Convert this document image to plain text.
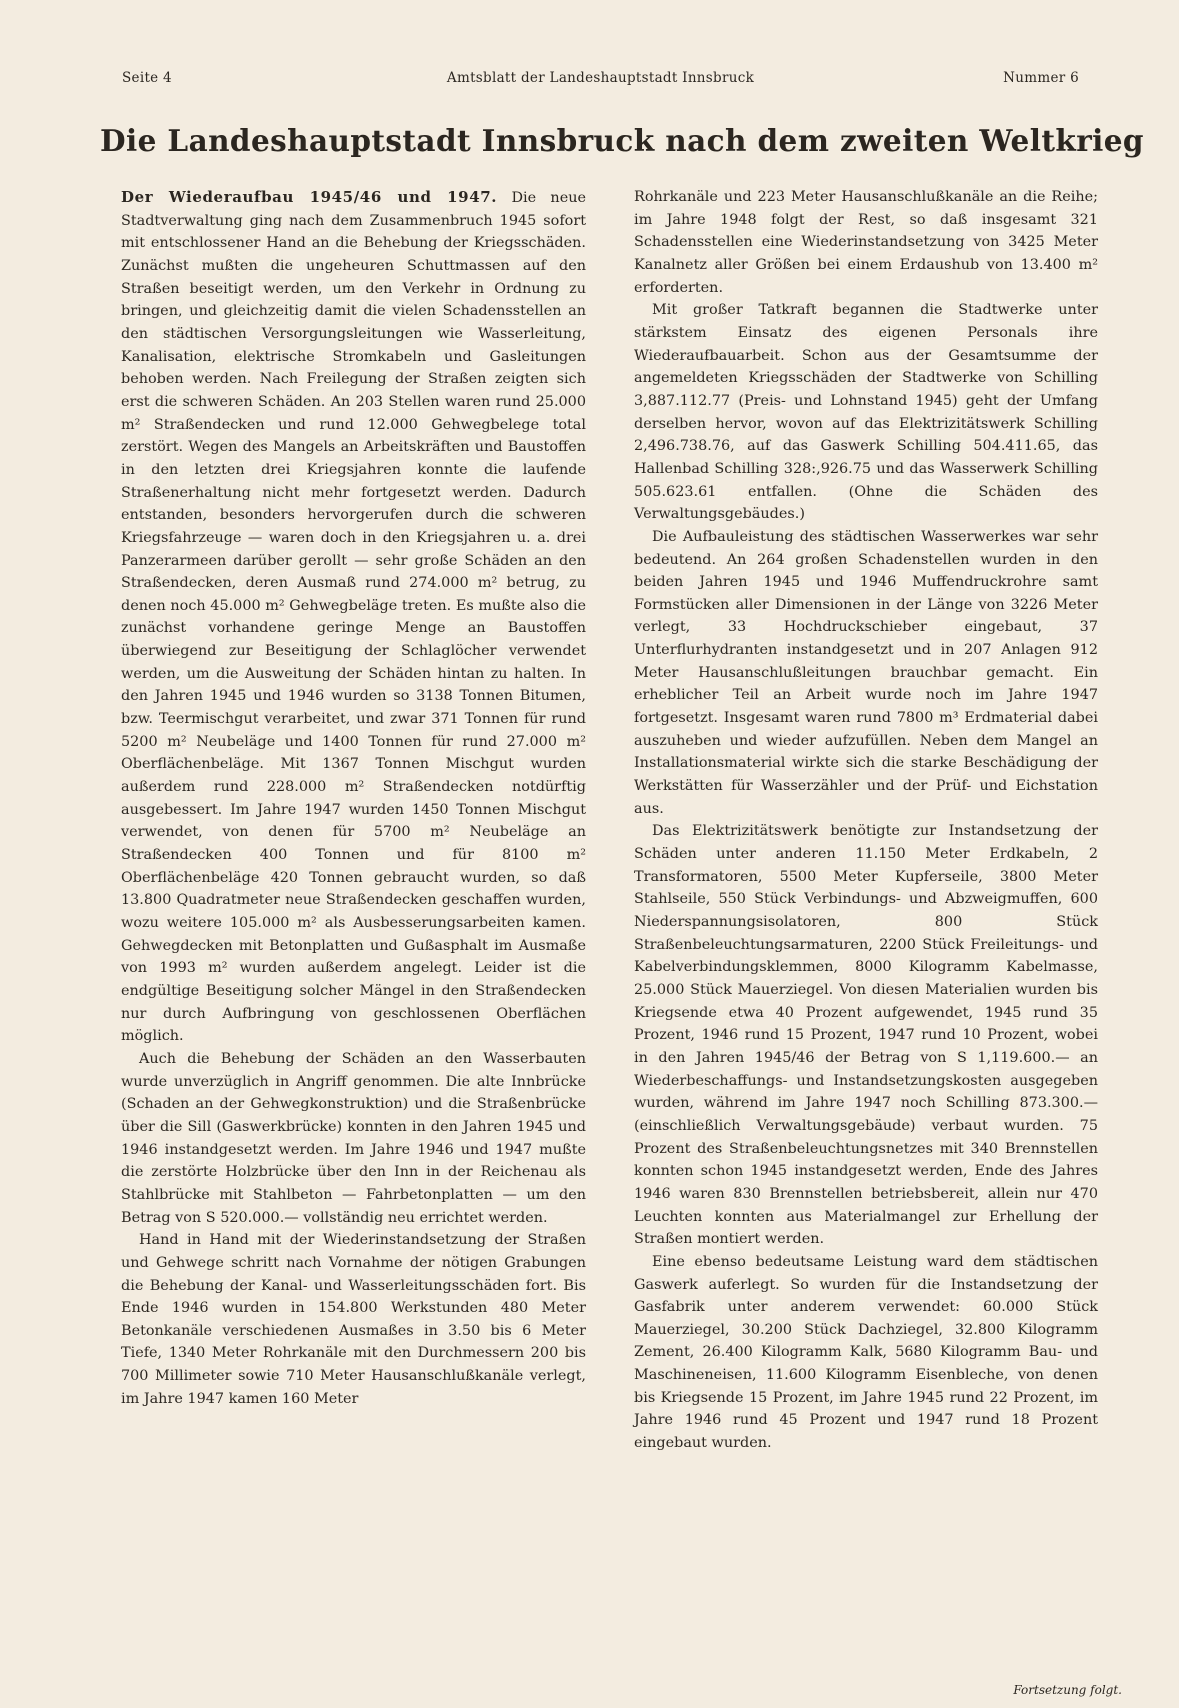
Seite 4	Amtsblatt der Landeshauptstadt Innsbruck	Nummer 6
Die Landeshauptstadt Innsbruck nach dem zweiten Weltkrieg

Der Wiederaufbau 1945/46 und 1947. Die neue Stadtverwaltung ging nach dem Zusammenbruch 1945 sofort mit entschlossener Hand an die Behebung der Kriegsschäden. Zunächst mußten die ungeheuren Schuttmassen auf den Straßen beseitigt werden, um den Verkehr in Ordnung zu bringen, und gleichzeitig damit die vielen Schadensstellen an den städtischen Versorgungsleitungen wie Wasserleitung, Kanalisation, elektrische Stromkabeln und Gasleitungen behoben werden. Nach Freilegung der Straßen zeigten sich erst die schweren Schäden. An 203 Stellen waren rund 25.000 m² Straßendecken und rund 12.000 Gehwegbelege total zerstört. Wegen des Mangels an Arbeitskräften und Baustoffen in den letzten drei Kriegsjahren konnte die laufende Straßenerhaltung nicht mehr fortgesetzt werden. Dadurch entstanden, besonders hervorgerufen durch die schweren Kriegsfahrzeuge — waren doch in den Kriegsjahren u. a. drei Panzerarmeen darüber gerollt — sehr große Schäden an den Straßendecken, deren Ausmaß rund 274.000 m² betrug, zu denen noch 45.000 m² Gehwegbeläge treten. Es mußte also die zunächst vorhandene geringe Menge an Baustoffen überwiegend zur Beseitigung der Schlaglöcher verwendet werden, um die Ausweitung der Schäden hintan zu halten. In den Jahren 1945 und 1946 wurden so 3138 Tonnen Bitumen, bzw. Teermischgut verarbeitet, und zwar 371 Tonnen für rund 5200 m² Neubeläge und 1400 Tonnen für rund 27.000 m² Oberflächenbeläge. Mit 1367 Tonnen Mischgut wurden außerdem rund 228.000 m² Straßendecken notdürftig ausgebessert. Im Jahre 1947 wurden 1450 Tonnen Mischgut verwendet, von denen für 5700 m² Neubeläge an Straßendecken 400 Tonnen und für 8100 m² Oberflächenbeläge 420 Tonnen gebraucht wurden, so daß 13.800 Quadratmeter neue Straßendecken geschaffen wurden, wozu weitere 105.000 m² als Ausbesserungsarbeiten kamen. Gehwegdecken mit Betonplatten und Gußasphalt im Ausmaße von 1993 m² wurden außerdem angelegt. Leider ist die endgültige Beseitigung solcher Mängel in den Straßendecken nur durch Aufbringung von geschlossenen Oberflächen möglich.

Auch die Behebung der Schäden an den Wasserbauten wurde unverzüglich in Angriff genommen. Die alte Innbrücke (Schaden an der Gehwegkonstruktion) und die Straßenbrücke über die Sill (Gaswerkbrücke) konnten in den Jahren 1945 und 1946 instandgesetzt werden. Im Jahre 1946 und 1947 mußte die zerstörte Holzbrücke über den Inn in der Reichenau als Stahlbrücke mit Stahlbeton — Fahrbetonplatten — um den Betrag von S 520.000.— vollständig neu errichtet werden.

Hand in Hand mit der Wiederinstandsetzung der Straßen und Gehwege schritt nach Vornahme der nötigen Grabungen die Behebung der Kanal- und Wasserleitungsschäden fort. Bis Ende 1946 wurden in 154.800 Werkstunden 480 Meter Betonkanäle verschiedenen Ausmaßes in 3.50 bis 6 Meter Tiefe, 1340 Meter Rohrkanäle mit den Durchmessern 200 bis 700 Millimeter sowie 710 Meter Hausanschlußkanäle verlegt, im Jahre 1947 kamen 160 Meter

Rohrkanäle und 223 Meter Hausanschlußkanäle an die Reihe; im Jahre 1948 folgt der Rest, so daß insgesamt 321 Schadensstellen eine Wiederinstandsetzung von 3425 Meter Kanalnetz aller Größen bei einem Erdaushub von 13.400 m² erforderten.

Mit großer Tatkraft begannen die Stadtwerke unter stärkstem Einsatz des eigenen Personals ihre Wiederaufbauarbeit. Schon aus der Gesamtsumme der angemeldeten Kriegsschäden der Stadtwerke von Schilling 3,887.112.77 (Preis- und Lohnstand 1945) geht der Umfang derselben hervor, wovon auf das Elektrizitätswerk Schilling 2,496.738.76, auf das Gaswerk Schilling 504.411.65, das Hallenbad Schilling 328:,926.75 und das Wasserwerk Schilling 505.623.61 entfallen. (Ohne die Schäden des Verwaltungsgebäudes.)

Die Aufbauleistung des städtischen Wasserwerkes war sehr bedeutend. An 264 großen Schadenstellen wurden in den beiden Jahren 1945 und 1946 Muffendruckrohre samt Formstücken aller Dimensionen in der Länge von 3226 Meter verlegt, 33 Hochdruckschieber eingebaut, 37 Unterflurhydranten instandgesetzt und in 207 Anlagen 912 Meter Hausanschlußleitungen brauchbar gemacht. Ein erheblicher Teil an Arbeit wurde noch im Jahre 1947 fortgesetzt. Insgesamt waren rund 7800 m³ Erdmaterial dabei auszuheben und wieder aufzufüllen. Neben dem Mangel an Installationsmaterial wirkte sich die starke Beschädigung der Werkstätten für Wasserzähler und der Prüf- und Eichstation aus.

Das Elektrizitätswerk benötigte zur Instandsetzung der Schäden unter anderen 11.150 Meter Erdkabeln, 2 Transformatoren, 5500 Meter Kupferseile, 3800 Meter Stahlseile, 550 Stück Verbindungs- und Abzweigmuffen, 600 Niederspannungsisolatoren, 800 Stück Straßenbeleuchtungsarmaturen, 2200 Stück Freileitungs- und Kabelverbindungsklemmen, 8000 Kilogramm Kabelmasse, 25.000 Stück Mauerziegel. Von diesen Materialien wurden bis Kriegsende etwa 40 Prozent aufgewendet, 1945 rund 35 Prozent, 1946 rund 15 Prozent, 1947 rund 10 Prozent, wobei in den Jahren 1945/46 der Betrag von S 1,119.600.— an Wiederbeschaffungs- und Instandsetzungskosten ausgegeben wurden, während im Jahre 1947 noch Schilling 873.300.— (einschließlich Verwaltungsgebäude) verbaut wurden. 75 Prozent des Straßenbeleuchtungsnetzes mit 340 Brennstellen konnten schon 1945 instandgesetzt werden, Ende des Jahres 1946 waren 830 Brennstellen betriebsbereit, allein nur 470 Leuchten konnten aus Materialmangel zur Erhellung der Straßen montiert werden.

Eine ebenso bedeutsame Leistung ward dem städtischen Gaswerk auferlegt. So wurden für die Instandsetzung der Gasfabrik unter anderem verwendet: 60.000 Stück Mauerziegel, 30.200 Stück Dachziegel, 32.800 Kilogramm Zement, 26.400 Kilogramm Kalk, 5680 Kilogramm Bau- und Maschineneisen, 11.600 Kilogramm Eisenbleche, von denen bis Kriegsende 15 Prozent, im Jahre 1945 rund 22 Prozent, im Jahre 1946 rund 45 Prozent und 1947 rund 18 Prozent eingebaut wurden.

Fortsetzung folgt.
